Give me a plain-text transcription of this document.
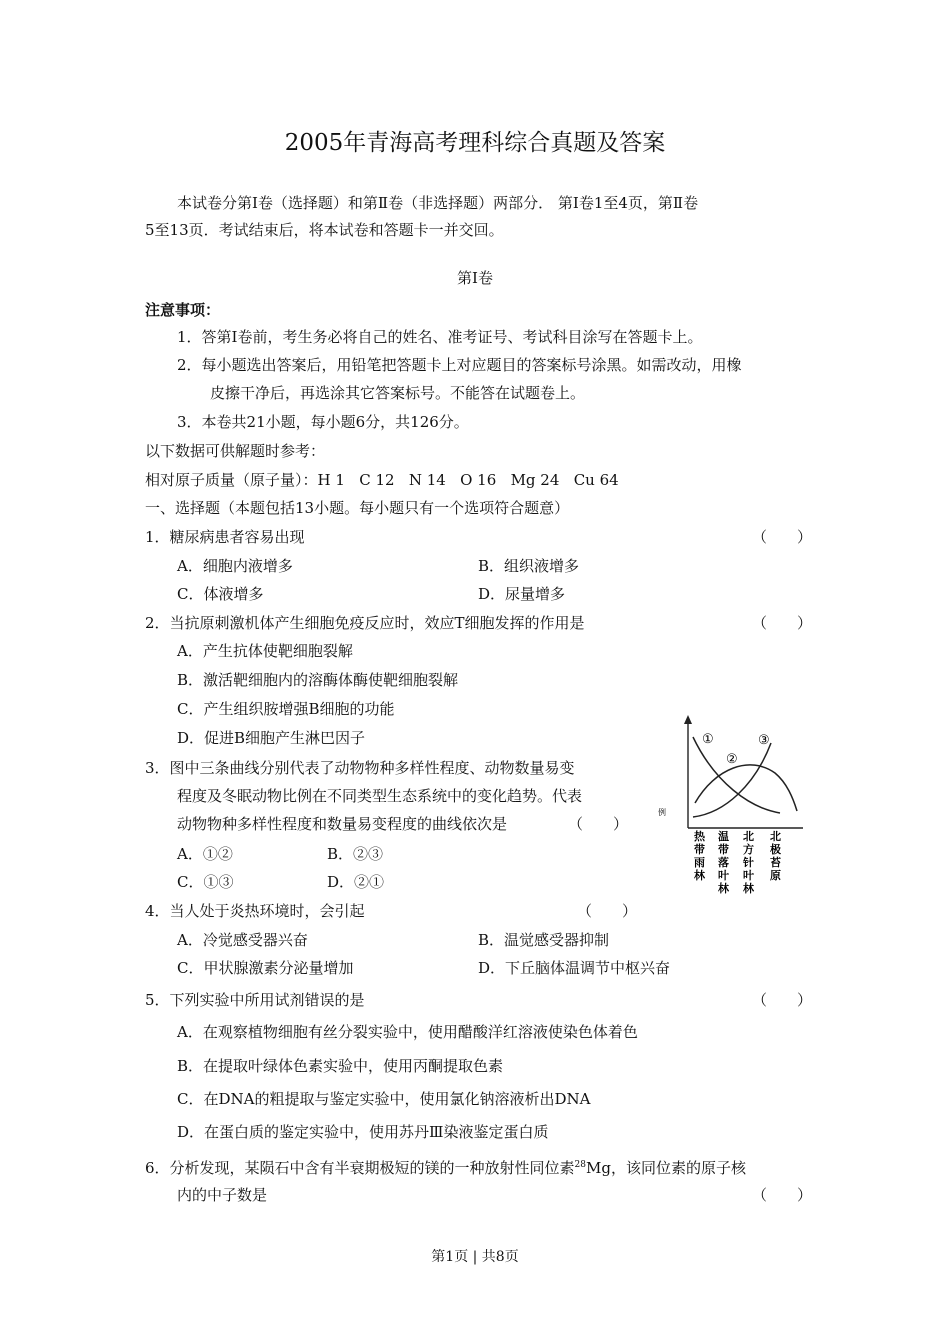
2005年青海高考理科综合真题及答案
本试卷分第Ⅰ卷（选择题）和第Ⅱ卷（非选择题）两部分． 第Ⅰ卷1至4页，第Ⅱ卷
5至13页．考试结束后，将本试卷和答题卡一并交回。
第Ⅰ卷
注意事项：
1．答第Ⅰ卷前，考生务必将自己的姓名、准考证号、考试科目涂写在答题卡上。
2．每小题选出答案后，用铅笔把答题卡上对应题目的答案标号涂黑。如需改动，用橡
皮擦干净后，再选涂其它答案标号。不能答在试题卷上。
3．本卷共21小题，每小题6分，共126分。
以下数据可供解题时参考：
相对原子质量（原子量）：H 1   C 12   N 14   O 16   Mg 24   Cu 64
一、选择题（本题包括13小题。每小题只有一个选项符合题意）
1．糖尿病患者容易出现	（　　）
A．细胞内液增多	B．组织液增多
C．体液增多	D．尿量增多
2．当抗原刺激机体产生细胞免疫反应时，效应T细胞发挥的作用是	（　　）
A．产生抗体使靶细胞裂解
B．激活靶细胞内的溶酶体酶使靶细胞裂解
C．产生组织胺增强B细胞的功能
D．促进B细胞产生淋巴因子
3．图中三条曲线分别代表了动物物种多样性程度、动物数量易变
程度及冬眠动物比例在不同类型生态系统中的变化趋势。代表
动物物种多样性程度和数量易变程度的曲线依次是	（　　）
A．①②	B．②③
C．①③	D．②①
①
②
③
例
热带雨林
温带落叶林
北方针叶林
北极苔原
4．当人处于炎热环境时，会引起	（　　）
A．冷觉感受器兴奋	B．温觉感受器抑制
C．甲状腺激素分泌量增加	D．下丘脑体温调节中枢兴奋
5．下列实验中所用试剂错误的是	（　　）
A．在观察植物细胞有丝分裂实验中，使用醋酸洋红溶液使染色体着色
B．在提取叶绿体色素实验中，使用丙酮提取色素
C．在DNA的粗提取与鉴定实验中，使用氯化钠溶液析出DNA
D．在蛋白质的鉴定实验中，使用苏丹Ⅲ染液鉴定蛋白质
6．分析发现，某陨石中含有半衰期极短的镁的一种放射性同位素$^{28}$Mg，该同位素的原子核
内的中子数是	（　　）
第1页 | 共8页
